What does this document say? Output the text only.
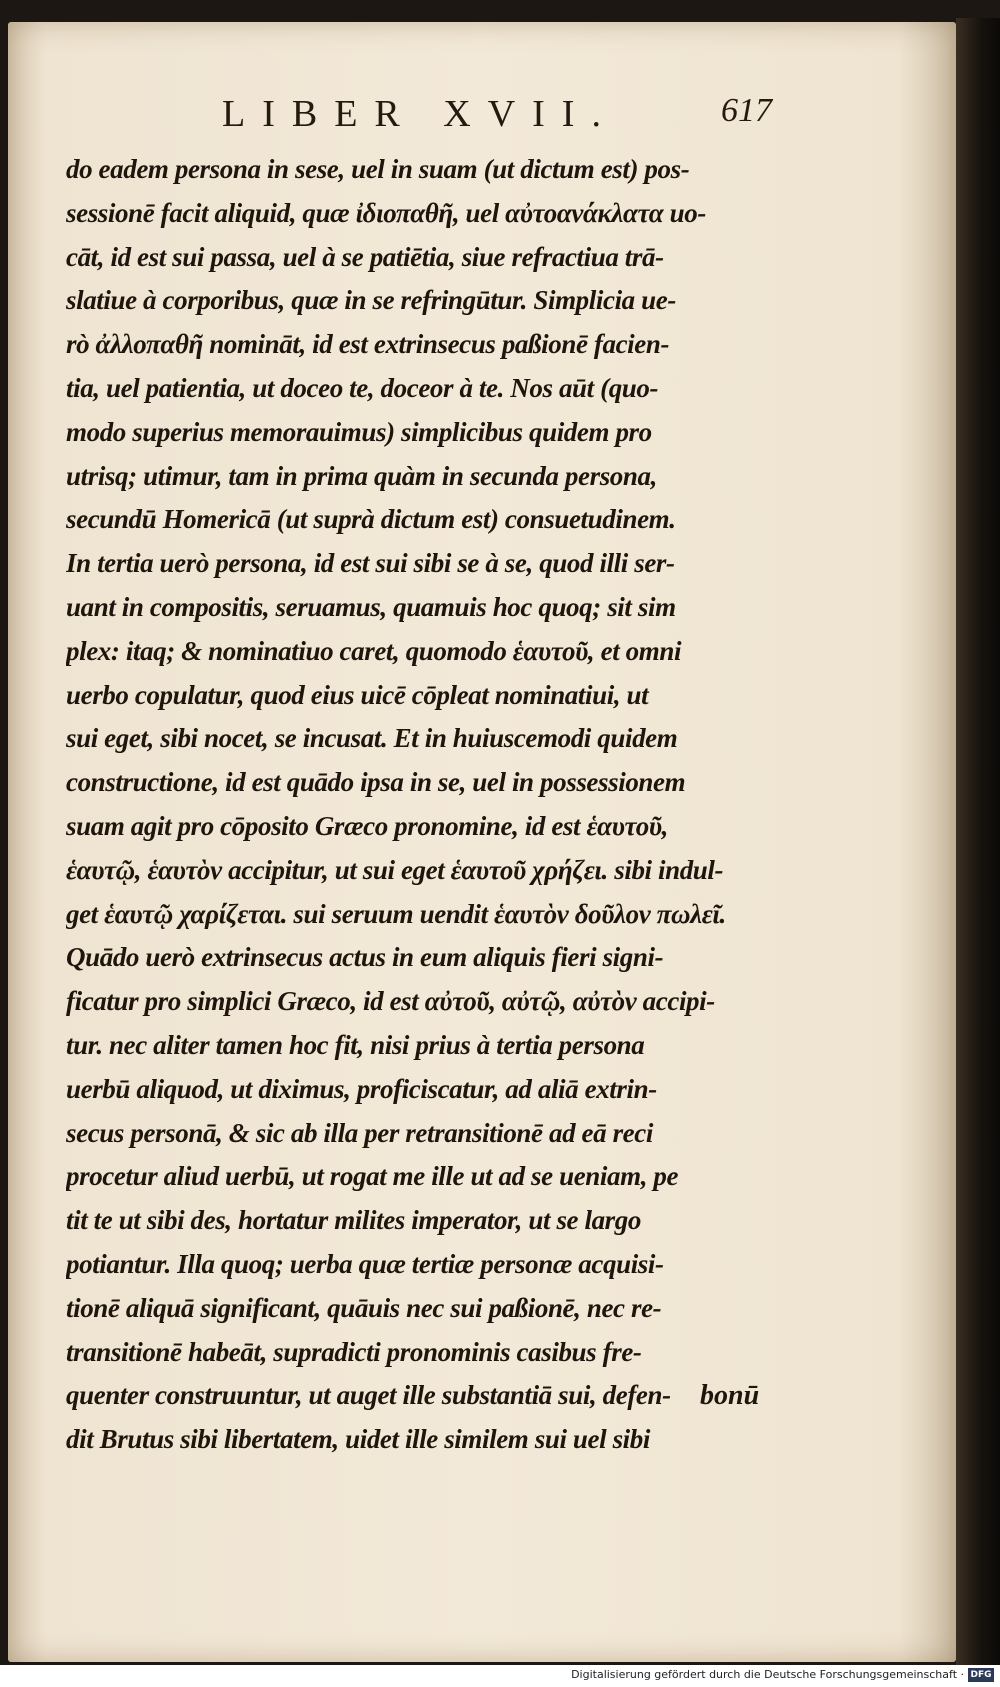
LIBER XVII.	617
do eadem persona in sese, uel in suam (ut dictum est) pos-
sessionē facit aliquid, quæ ἰδιοπαθῆ, uel αὐτοανάκλατα uo-
cāt, id est sui passa, uel à se patiētia, siue refractiua trā-
slatiue à corporibus, quæ in se refringūtur. Simplicia ue-
rò ἀλλοπαθῆ nomināt, id est extrinsecus paßionē facien-
tia, uel patientia, ut doceo te, doceor à te. Nos aūt (quo-
modo superius memorauimus) simplicibus quidem pro
utrisq; utimur, tam in prima quàm in secunda persona,
secundū Homericā (ut suprà dictum est) consuetudinem.
In tertia uerò persona, id est sui sibi se à se, quod illi ser-
uant in compositis, seruamus, quamuis hoc quoq; sit sim
plex: itaq; & nominatiuo caret, quomodo ἑαυτοῦ, et omni
uerbo copulatur, quod eius uicē cōpleat nominatiui, ut
sui eget, sibi nocet, se incusat. Et in huiuscemodi quidem
constructione, id est quādo ipsa in se, uel in possessionem
suam agit pro cōposito Græco pronomine, id est ἑαυτοῦ,
ἑαυτῷ, ἑαυτὸν accipitur, ut sui eget ἑαυτοῦ χρήζει. sibi indul-
get ἑαυτῷ χαρίζεται. sui seruum uendit ἑαυτὸν δοῦλον πωλεῖ.
Quādo uerò extrinsecus actus in eum aliquis fieri signi-
ficatur pro simplici Græco, id est αὐτοῦ, αὐτῷ, αὐτὸν accipi-
tur. nec aliter tamen hoc fit, nisi prius à tertia persona
uerbū aliquod, ut diximus, proficiscatur, ad aliā extrin-
secus personā, & sic ab illa per retransitionē ad eā reci
procetur aliud uerbū, ut rogat me ille ut ad se ueniam, pe
tit te ut sibi des, hortatur milites imperator, ut se largo
potiantur. Illa quoq; uerba quæ tertiæ personæ acquisi-
tionē aliquā significant, quāuis nec sui paßionē, nec re-
transitionē habeāt, supradicti pronominis casibus fre-
quenter construuntur, ut auget ille substantiā sui, defen-
dit Brutus sibi libertatem, uidet ille similem sui uel sibi
bonū
Digitalisierung gefördert durch die Deutsche Forschungsgemeinschaft · DFG
